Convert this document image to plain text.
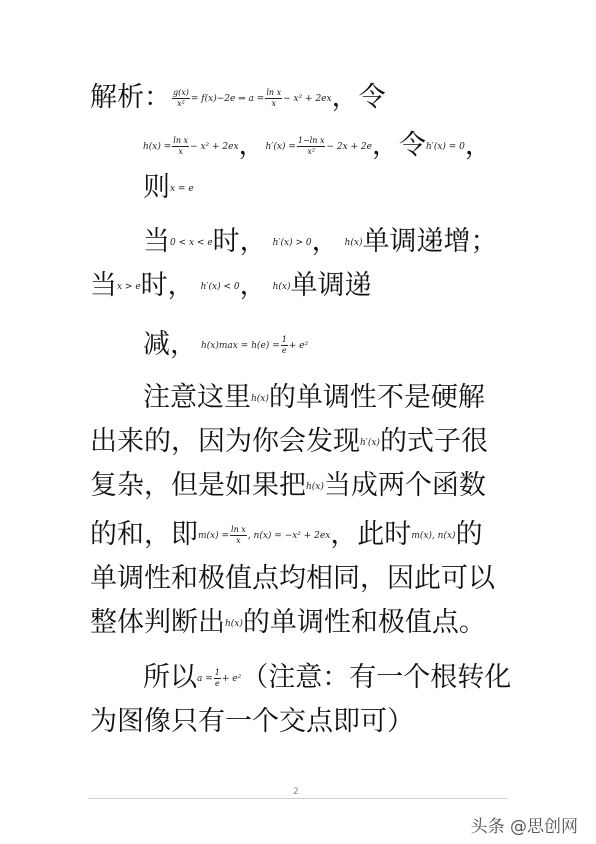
解析： $\frac{g(x)}{\text{x²}} = f(x)-2e$ ⇒ $a = \frac{\text{ln x}}{x} - x^2 + 2ex$，令
$h(x) = \frac{\text{ln x}}{x} - x^2 + 2ex$，$h'(x) = \frac{\text{1−ln x}}{\text{x²}} - 2x + 2e$，令h′(x) = 0，
则x = e
当0 < x < e时， h′(x) > 0， h(x)单调递增；
当x > e时， h′(x) < 0， h(x)单调递
减， $h(x)\max = h(e) = \frac{1}{e} + e^2$
注意这里h(x)的单调性不是硬解
出来的，因为你会发现h′(x)的式子很
复杂，但是如果把h(x)当成两个函数
的和，即$m(x) = \frac{\text{ln x}}{x}$ , n(x) = −x² + 2ex，此时m(x), n(x)的
单调性和极值点均相同，因此可以
整体判断出h(x)的单调性和极值点。
所以$a = \frac{1}{e} + e^2$（注意：有一个根转化
为图像只有一个交点即可）
2
头条 @思创网
